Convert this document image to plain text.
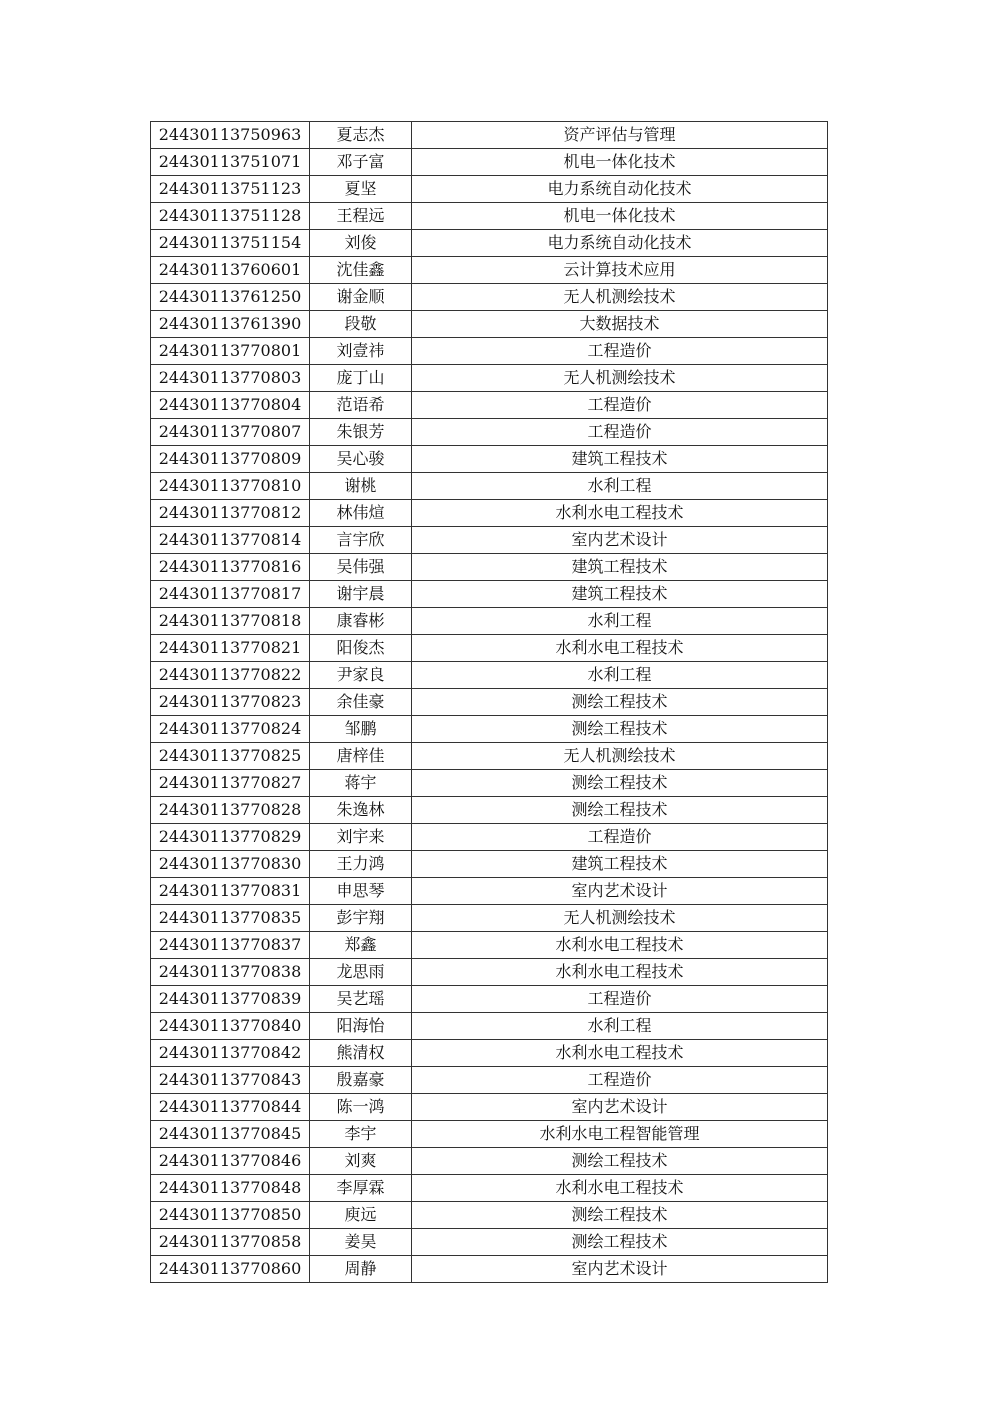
24430113750963	夏志杰	资产评估与管理
24430113751071	邓子富	机电一体化技术
24430113751123	夏坚	电力系统自动化技术
24430113751128	王程远	机电一体化技术
24430113751154	刘俊	电力系统自动化技术
24430113760601	沈佳鑫	云计算技术应用
24430113761250	谢金顺	无人机测绘技术
24430113761390	段敬	大数据技术
24430113770801	刘壹祎	工程造价
24430113770803	庞丁山	无人机测绘技术
24430113770804	范语希	工程造价
24430113770807	朱银芳	工程造价
24430113770809	吴心骏	建筑工程技术
24430113770810	谢桃	水利工程
24430113770812	林伟煊	水利水电工程技术
24430113770814	言宇欣	室内艺术设计
24430113770816	吴伟强	建筑工程技术
24430113770817	谢宇晨	建筑工程技术
24430113770818	康睿彬	水利工程
24430113770821	阳俊杰	水利水电工程技术
24430113770822	尹家良	水利工程
24430113770823	余佳豪	测绘工程技术
24430113770824	邹鹏	测绘工程技术
24430113770825	唐梓佳	无人机测绘技术
24430113770827	蒋宇	测绘工程技术
24430113770828	朱逸林	测绘工程技术
24430113770829	刘宇来	工程造价
24430113770830	王力鸿	建筑工程技术
24430113770831	申思琴	室内艺术设计
24430113770835	彭宇翔	无人机测绘技术
24430113770837	郑鑫	水利水电工程技术
24430113770838	龙思雨	水利水电工程技术
24430113770839	吴艺瑶	工程造价
24430113770840	阳海怡	水利工程
24430113770842	熊清权	水利水电工程技术
24430113770843	殷嘉豪	工程造价
24430113770844	陈一鸿	室内艺术设计
24430113770845	李宇	水利水电工程智能管理
24430113770846	刘爽	测绘工程技术
24430113770848	李厚霖	水利水电工程技术
24430113770850	庾远	测绘工程技术
24430113770858	姜昊	测绘工程技术
24430113770860	周静	室内艺术设计
